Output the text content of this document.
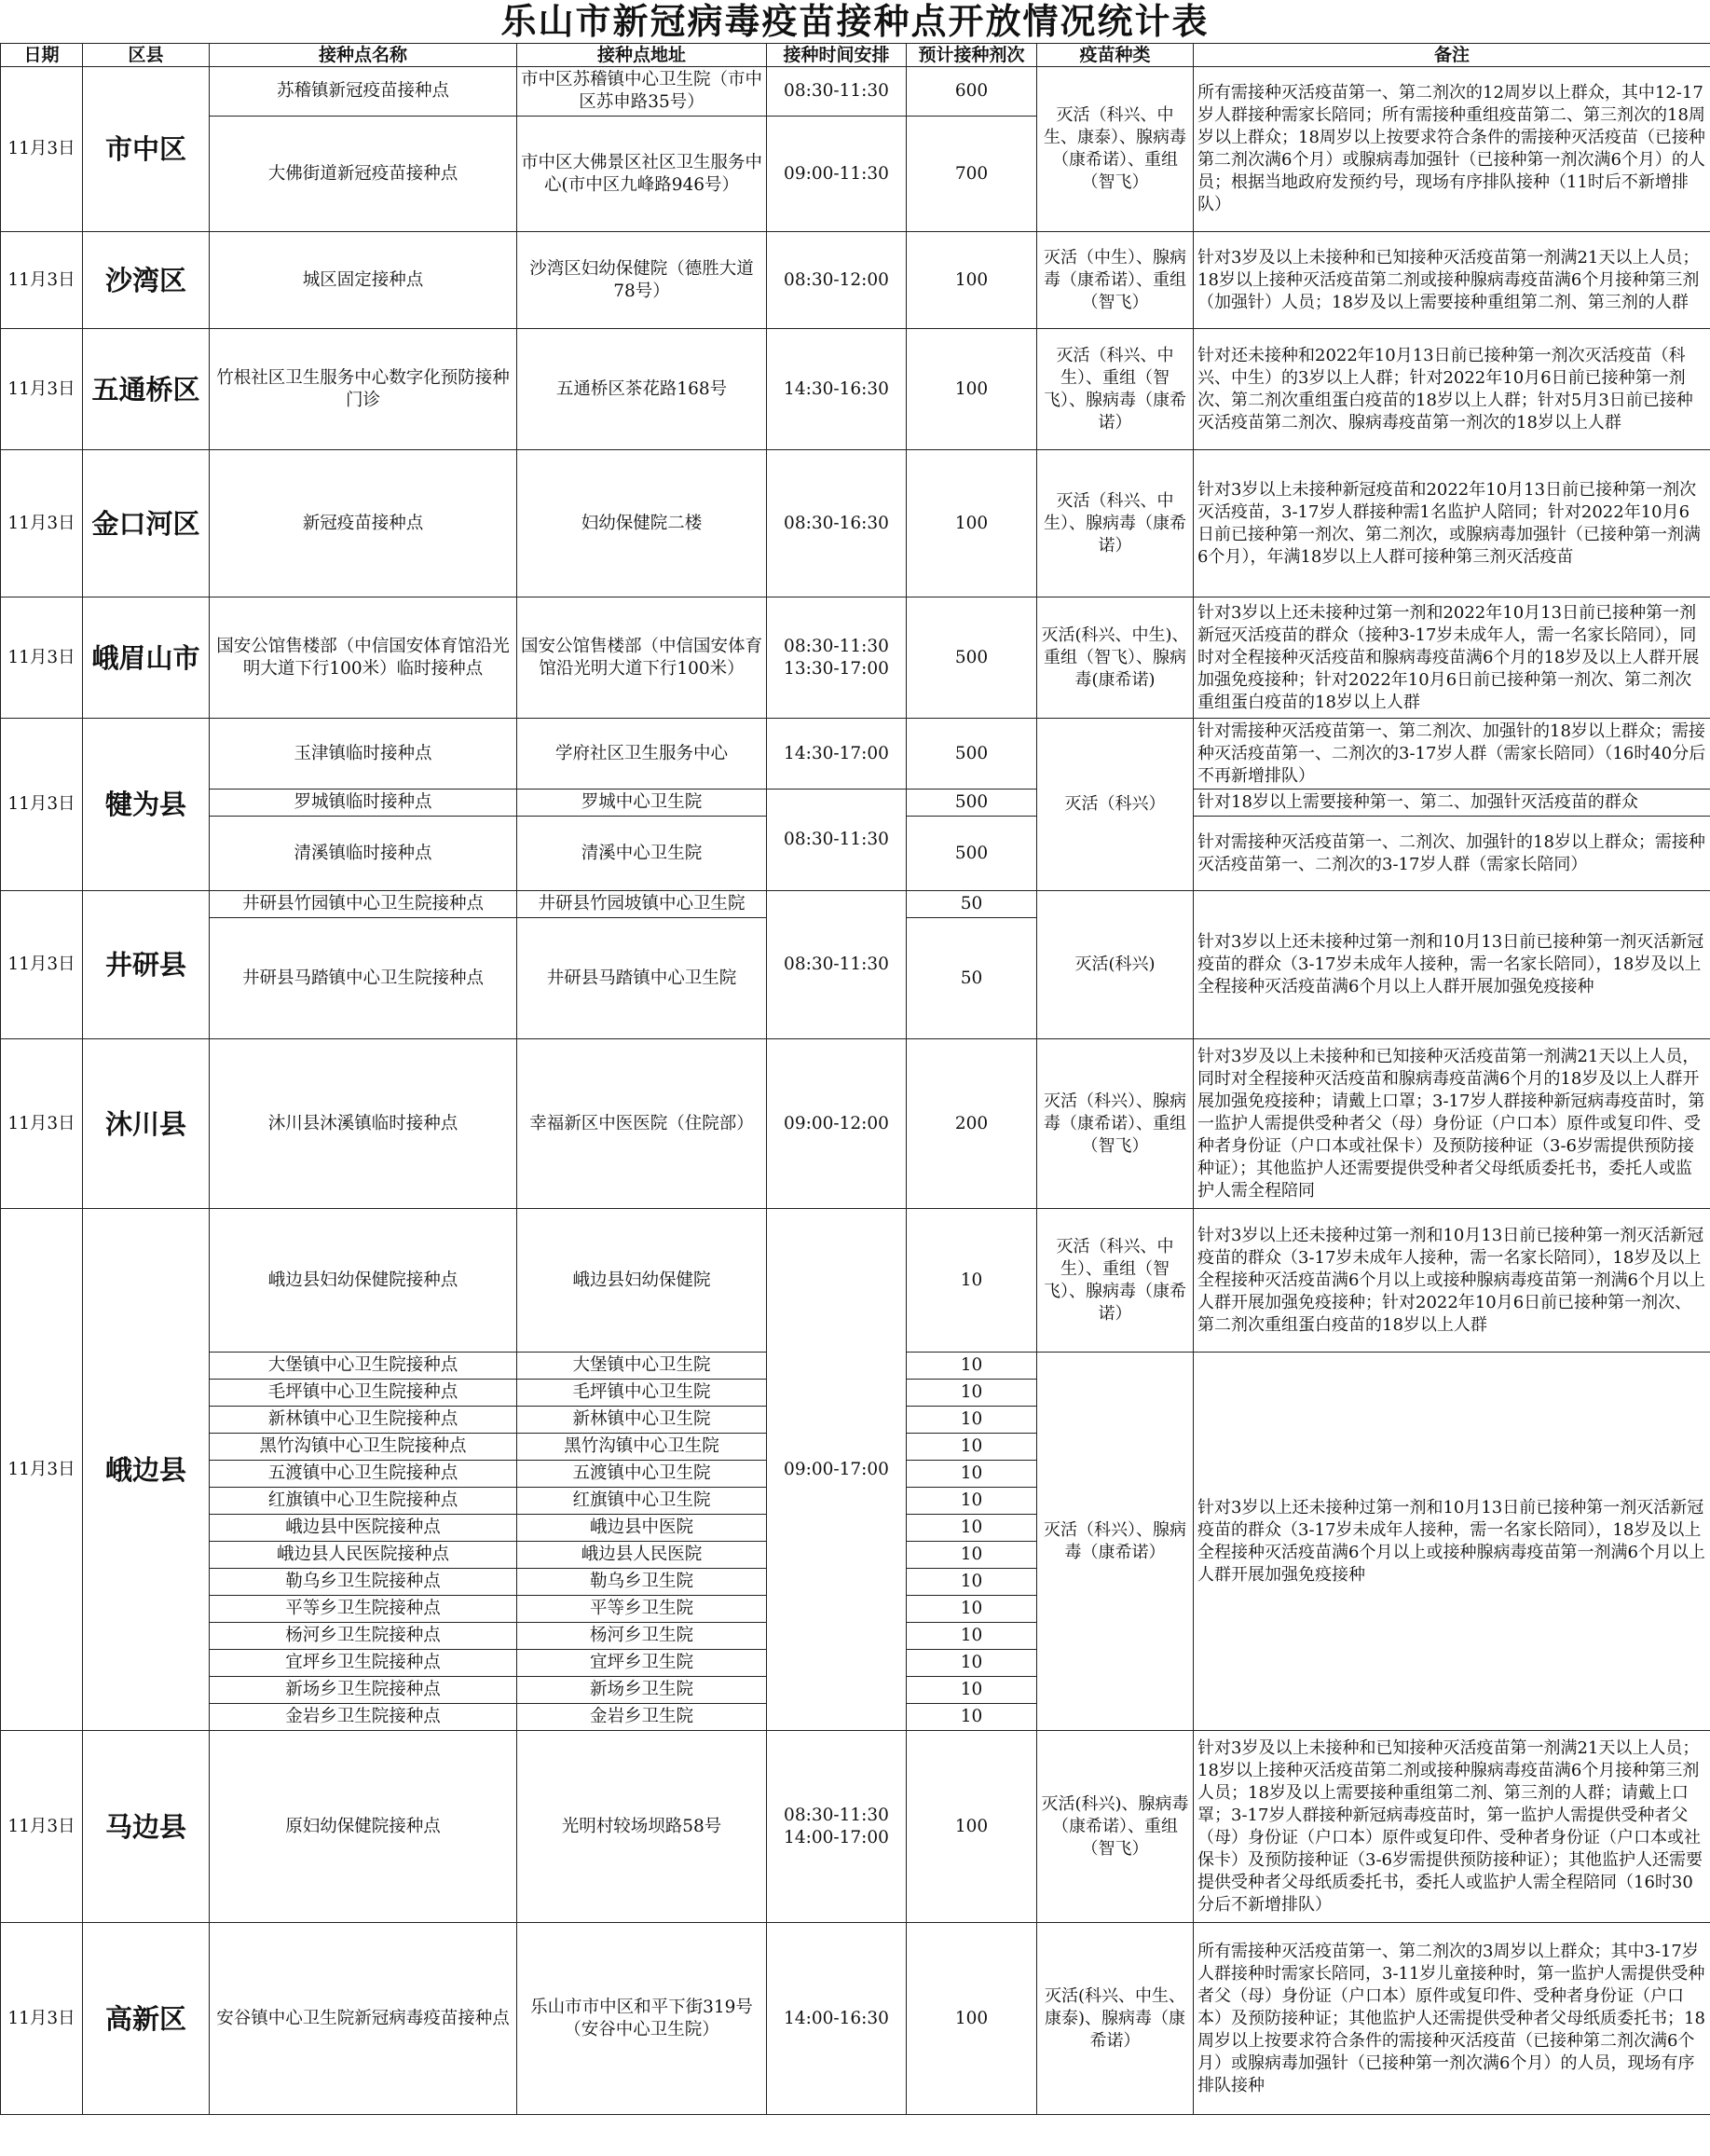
乐山市新冠病毒疫苗接种点开放情况统计表
日期	区县	接种点名称	接种点地址	接种时间安排	预计接种剂次	疫苗种类	备注
11月3日	市中区	苏稽镇新冠疫苗接种点	市中区苏稽镇中心卫生院（市中区苏申路35号）	08:30-11:30	600	灭活（科兴、中生、康泰）、腺病毒（康希诺）、重组（智飞）	所有需接种灭活疫苗第一、第二剂次的12周岁以上群众，其中12-17岁人群接种需家长陪同；所有需接种重组疫苗第二、第三剂次的18周岁以上群众；18周岁以上按要求符合条件的需接种灭活疫苗（已接种第二剂次满6个月）或腺病毒加强针（已接种第一剂次满6个月）的人员；根据当地政府发预约号，现场有序排队接种（11时后不新增排队）
		大佛街道新冠疫苗接种点	市中区大佛景区社区卫生服务中心(市中区九峰路946号）	09:00-11:30	700		
11月3日	沙湾区	城区固定接种点	沙湾区妇幼保健院（德胜大道78号）	08:30-12:00	100	灭活（中生）、腺病毒（康希诺）、重组（智飞）	针对3岁及以上未接种和已知接种灭活疫苗第一剂满21天以上人员；18岁以上接种灭活疫苗第二剂或接种腺病毒疫苗满6个月接种第三剂（加强针）人员；18岁及以上需要接种重组第二剂、第三剂的人群
11月3日	五通桥区	竹根社区卫生服务中心数字化预防接种门诊	五通桥区茶花路168号	14:30-16:30	100	灭活（科兴、中生）、重组（智飞）、腺病毒（康希诺）	针对还未接种和2022年10月13日前已接种第一剂次灭活疫苗（科兴、中生）的3岁以上人群；针对2022年10月6日前已接种第一剂次、第二剂次重组蛋白疫苗的18岁以上人群；针对5月3日前已接种灭活疫苗第二剂次、腺病毒疫苗第一剂次的18岁以上人群
11月3日	金口河区	新冠疫苗接种点	妇幼保健院二楼	08:30-16:30	100	灭活（科兴、中生）、腺病毒（康希诺）	针对3岁以上未接种新冠疫苗和2022年10月13日前已接种第一剂次灭活疫苗，3-17岁人群接种需1名监护人陪同；针对2022年10月6日前已接种第一剂次、第二剂次，或腺病毒加强针（已接种第一剂满6个月），年满18岁以上人群可接种第三剂灭活疫苗
11月3日	峨眉山市	国安公馆售楼部（中信国安体育馆沿光明大道下行100米）临时接种点	国安公馆售楼部（中信国安体育馆沿光明大道下行100米）	08:30-11:30
13:30-17:00	500	灭活(科兴、中生)、重组（智飞）、腺病毒(康希诺)	针对3岁以上还未接种过第一剂和2022年10月13日前已接种第一剂新冠灭活疫苗的群众（接种3-17岁未成年人，需一名家长陪同），同时对全程接种灭活疫苗和腺病毒疫苗满6个月的18岁及以上人群开展加强免疫接种；针对2022年10月6日前已接种第一剂次、第二剂次重组蛋白疫苗的18岁以上人群
11月3日	犍为县	玉津镇临时接种点	学府社区卫生服务中心	14:30-17:00	500	灭活（科兴）	针对需接种灭活疫苗第一、第二剂次、加强针的18岁以上群众；需接种灭活疫苗第一、二剂次的3-17岁人群（需家长陪同）（16时40分后不再新增排队）
		罗城镇临时接种点	罗城中心卫生院	08:30-11:30	500		针对18岁以上需要接种第一、第二、加强针灭活疫苗的群众
		清溪镇临时接种点	清溪中心卫生院		500		针对需接种灭活疫苗第一、二剂次、加强针的18岁以上群众；需接种灭活疫苗第一、二剂次的3-17岁人群（需家长陪同）
11月3日	井研县	井研县竹园镇中心卫生院接种点	井研县竹园坡镇中心卫生院	08:30-11:30	50	灭活(科兴)	针对3岁以上还未接种过第一剂和10月13日前已接种第一剂灭活新冠疫苗的群众（3-17岁未成年人接种，需一名家长陪同），18岁及以上全程接种灭活疫苗满6个月以上人群开展加强免疫接种
		井研县马踏镇中心卫生院接种点	井研县马踏镇中心卫生院		50		
11月3日	沐川县	沐川县沐溪镇临时接种点	幸福新区中医医院（住院部）	09:00-12:00	200	灭活（科兴）、腺病毒（康希诺）、重组（智飞）	针对3岁及以上未接种和已知接种灭活疫苗第一剂满21天以上人员，同时对全程接种灭活疫苗和腺病毒疫苗满6个月的18岁及以上人群开展加强免疫接种；请戴上口罩；3-17岁人群接种新冠病毒疫苗时，第一监护人需提供受种者父（母）身份证（户口本）原件或复印件、受种者身份证（户口本或社保卡）及预防接种证（3-6岁需提供预防接种证）；其他监护人还需要提供受种者父母纸质委托书，委托人或监护人需全程陪同
11月3日	峨边县	峨边县妇幼保健院接种点	峨边县妇幼保健院	09:00-17:00	10	灭活（科兴、中生）、重组（智飞）、腺病毒（康希诺）	针对3岁以上还未接种过第一剂和10月13日前已接种第一剂灭活新冠疫苗的群众（3-17岁未成年人接种，需一名家长陪同），18岁及以上全程接种灭活疫苗满6个月以上或接种腺病毒疫苗第一剂满6个月以上人群开展加强免疫接种；针对2022年10月6日前已接种第一剂次、第二剂次重组蛋白疫苗的18岁以上人群
		大堡镇中心卫生院接种点	大堡镇中心卫生院		10	灭活（科兴）、腺病毒（康希诺）	针对3岁以上还未接种过第一剂和10月13日前已接种第一剂灭活新冠疫苗的群众（3-17岁未成年人接种，需一名家长陪同），18岁及以上全程接种灭活疫苗满6个月以上或接种腺病毒疫苗第一剂满6个月以上人群开展加强免疫接种
		毛坪镇中心卫生院接种点	毛坪镇中心卫生院		10		
		新林镇中心卫生院接种点	新林镇中心卫生院		10		
		黑竹沟镇中心卫生院接种点	黑竹沟镇中心卫生院		10		
		五渡镇中心卫生院接种点	五渡镇中心卫生院		10		
		红旗镇中心卫生院接种点	红旗镇中心卫生院		10		
		峨边县中医院接种点	峨边县中医院		10		
		峨边县人民医院接种点	峨边县人民医院		10		
		勒乌乡卫生院接种点	勒乌乡卫生院		10		
		平等乡卫生院接种点	平等乡卫生院		10		
		杨河乡卫生院接种点	杨河乡卫生院		10		
		宜坪乡卫生院接种点	宜坪乡卫生院		10		
		新场乡卫生院接种点	新场乡卫生院		10		
		金岩乡卫生院接种点	金岩乡卫生院		10		
11月3日	马边县	原妇幼保健院接种点	光明村较场坝路58号	08:30-11:30
14:00-17:00	100	灭活(科兴)、腺病毒（康希诺）、重组（智飞）	针对3岁及以上未接种和已知接种灭活疫苗第一剂满21天以上人员；18岁以上接种灭活疫苗第二剂或接种腺病毒疫苗满6个月接种第三剂人员；18岁及以上需要接种重组第二剂、第三剂的人群；请戴上口罩；3-17岁人群接种新冠病毒疫苗时，第一监护人需提供受种者父（母）身份证（户口本）原件或复印件、受种者身份证（户口本或社保卡）及预防接种证（3-6岁需提供预防接种证）；其他监护人还需要提供受种者父母纸质委托书，委托人或监护人需全程陪同（16时30分后不新增排队）
11月3日	高新区	安谷镇中心卫生院新冠病毒疫苗接种点	乐山市市中区和平下街319号（安谷中心卫生院）	14:00-16:30	100	灭活(科兴、中生、康泰)、腺病毒（康希诺）	所有需接种灭活疫苗第一、第二剂次的3周岁以上群众；其中3-17岁人群接种时需家长陪同，3-11岁儿童接种时，第一监护人需提供受种者父（母）身份证（户口本）原件或复印件、受种者身份证（户口本）及预防接种证；其他监护人还需提供受种者父母纸质委托书；18周岁以上按要求符合条件的需接种灭活疫苗（已接种第二剂次满6个月）或腺病毒加强针（已接种第一剂次满6个月）的人员，现场有序排队接种
